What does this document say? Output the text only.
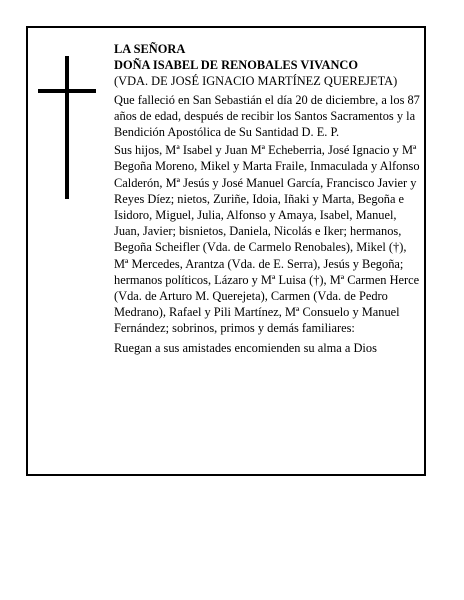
LA SEÑORA

DOÑA ISABEL DE RENOBALES VIVANCO

(VDA. DE JOSÉ IGNACIO MARTÍNEZ QUEREJETA)

Que falleció en San Sebastián el día 20 de diciembre, a los 87 años de edad, después de recibir los Santos Sacramentos y la Bendición Apostólica de Su Santidad D. E. P.

Sus hijos, Mª Isabel y Juan Mª Echeberria, José Ignacio y Mª Begoña Moreno, Mikel y Marta Fraile, Inmaculada y Alfonso Calderón, Mª Jesús y José Manuel García, Francisco Javier y Reyes Díez; nietos, Zuriñe, Idoia, Iñaki y Marta, Begoña e Isidoro, Miguel, Julia, Alfonso y Amaya, Isabel, Manuel, Juan, Javier; bisnietos, Daniela, Nicolás e Iker; hermanos, Begoña Scheifler (Vda. de Carmelo Renobales), Mikel (†), Mª Mercedes, Arantza (Vda. de E. Serra), Jesús y Begoña; hermanos políticos, Lázaro y Mª Luisa (†), Mª Carmen Herce (Vda. de Arturo M. Querejeta), Carmen (Vda. de Pedro Medrano), Rafael y Pili Martínez, Mª Consuelo y Manuel Fernández; sobrinos, primos y demás familiares:

Ruegan a sus amistades encomienden su alma a Dios
